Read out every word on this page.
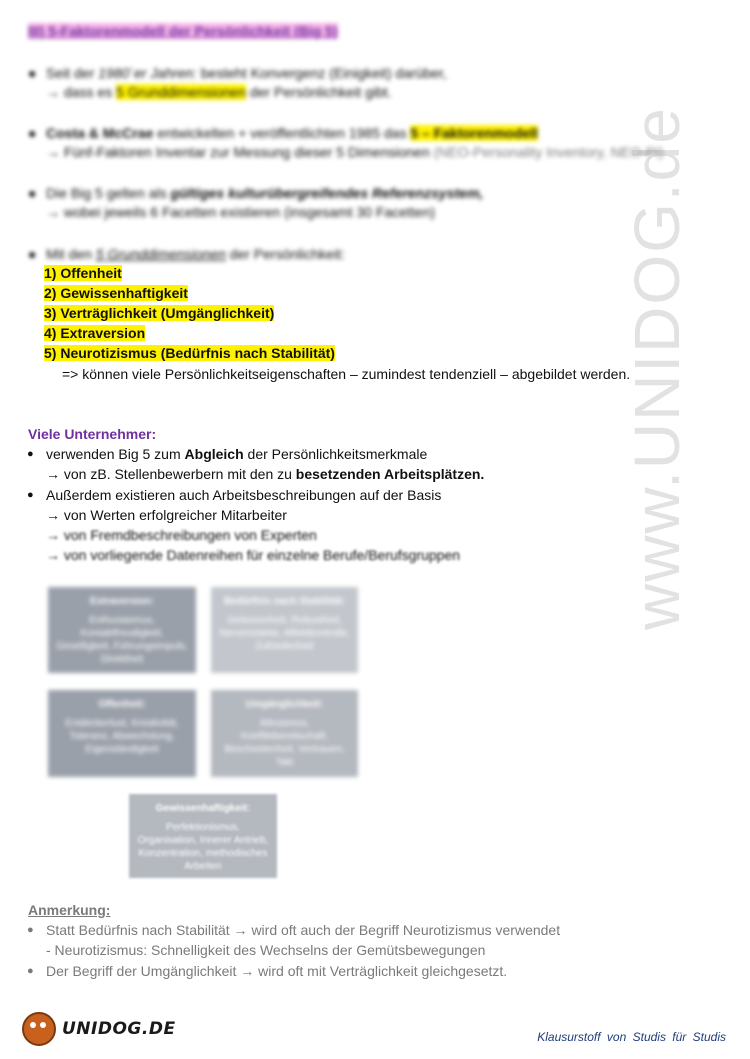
www.UNIDOG.de
III) 5-Faktorenmodell der Persönlichkeit (Big 5)
● Seit der 1980`er Jahren: besteht Konvergenz (Einigkeit) darüber,
→ dass es 5 Grunddimensionen der Persönlichkeit gibt.
● Costa & McCrae entwickelten + veröffentlichten 1985 das 5 – Faktorenmodell
→ Fünf-Faktoren Inventar zur Messung dieser 5 Dimensionen (NEO-Personality Inventory, NEO-PI)
● Die Big 5 gelten als gültiges kulturübergreifendes Referenzsystem,
→ wobei jeweils 6 Facetten existieren (insgesamt 30 Facetten)
● Mit den 5 Grunddimensionen der Persönlichkeit:
1) Offenheit
2) Gewissenhaftigkeit
3) Verträglichkeit (Umgänglichkeit)
4) Extraversion
5) Neurotizismus (Bedürfnis nach Stabilität)
=> können viele Persönlichkeitseigenschaften – zumindest tendenziell – abgebildet werden.
Viele Unternehmer:
● verwenden Big 5 zum Abgleich der Persönlichkeitsmerkmale
→ von zB. Stellenbewerbern mit den zu besetzenden Arbeitsplätzen.
● Außerdem existieren auch Arbeitsbeschreibungen auf der Basis
→ von Werten erfolgreicher Mitarbeiter
→ von Fremdbeschreibungen von Experten
→ von vorliegende Datenreihen für einzelne Berufe/Berufsgruppen
Extraversion:
Enthusiasmus, Kontaktfreudigkeit, Geselligkeit, Führungsimpuls, Direktheit
Bedürfnis nach Stabilität:
Gelassenheit, Robustheit, Nervenstärke, Affektkontrolle, Zufriedenheit
Offenheit:
Entdeckerlust, Kreativität, Toleranz, Abwechslung, Eigenständigkeit
Umgänglichkeit:
Altruismus, Konfliktbereitschaft, Bescheidenheit, Vertrauen, Takt
Gewissenhaftigkeit:
Perfektionismus, Organisation, Innerer Antrieb, Konzentration, methodisches Arbeiten
Anmerkung:
● Statt Bedürfnis nach Stabilität → wird oft auch der Begriff Neurotizismus verwendet
- Neurotizismus: Schnelligkeit des Wechselns der Gemütsbewegungen
● Der Begriff der Umgänglichkeit → wird oft mit Verträglichkeit gleichgesetzt.
UNIDOG.DE	Klausurstoff von Studis für Studis
